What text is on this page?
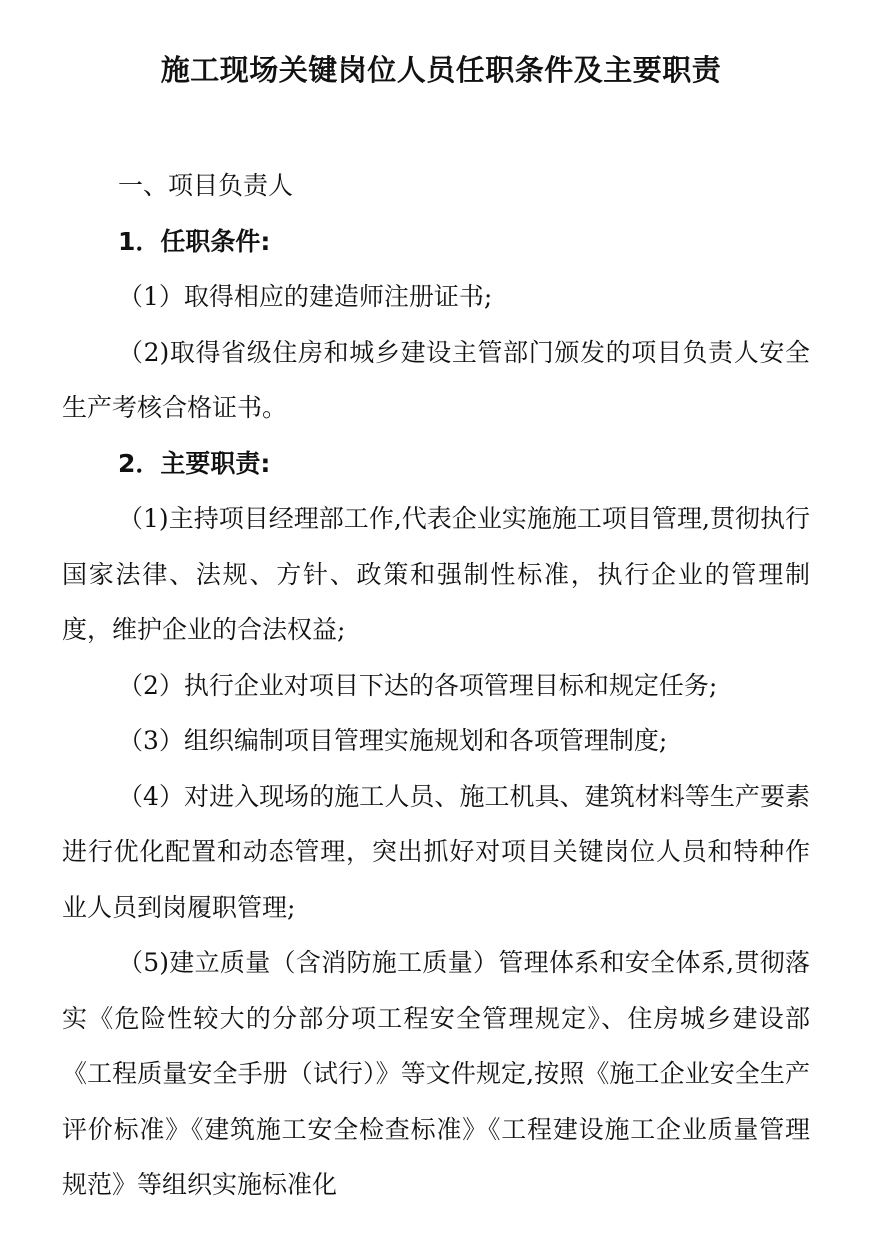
施工现场关键岗位人员任职条件及主要职责

一、项目负责人

1．任职条件:

（1）取得相应的建造师注册证书;

（2)取得省级住房和城乡建设主管部门颁发的项目负责人安全生产考核合格证书。

2．主要职责:

（1)主持项目经理部工作,代表企业实施施工项目管理,贯彻执行国家法律、法规、方针、政策和强制性标准，执行企业的管理制度，维护企业的合法权益;

（2）执行企业对项目下达的各项管理目标和规定任务;

（3）组织编制项目管理实施规划和各项管理制度;

（4）对进入现场的施工人员、施工机具、建筑材料等生产要素进行优化配置和动态管理，突出抓好对项目关键岗位人员和特种作业人员到岗履职管理;

（5)建立质量（含消防施工质量）管理体系和安全体系,贯彻落实《危险性较大的分部分项工程安全管理规定》、住房城乡建设部《工程质量安全手册（试行）》等文件规定,按照《施工企业安全生产评价标准》《建筑施工安全检查标准》《工程建设施工企业质量管理规范》等组织实施标准化
